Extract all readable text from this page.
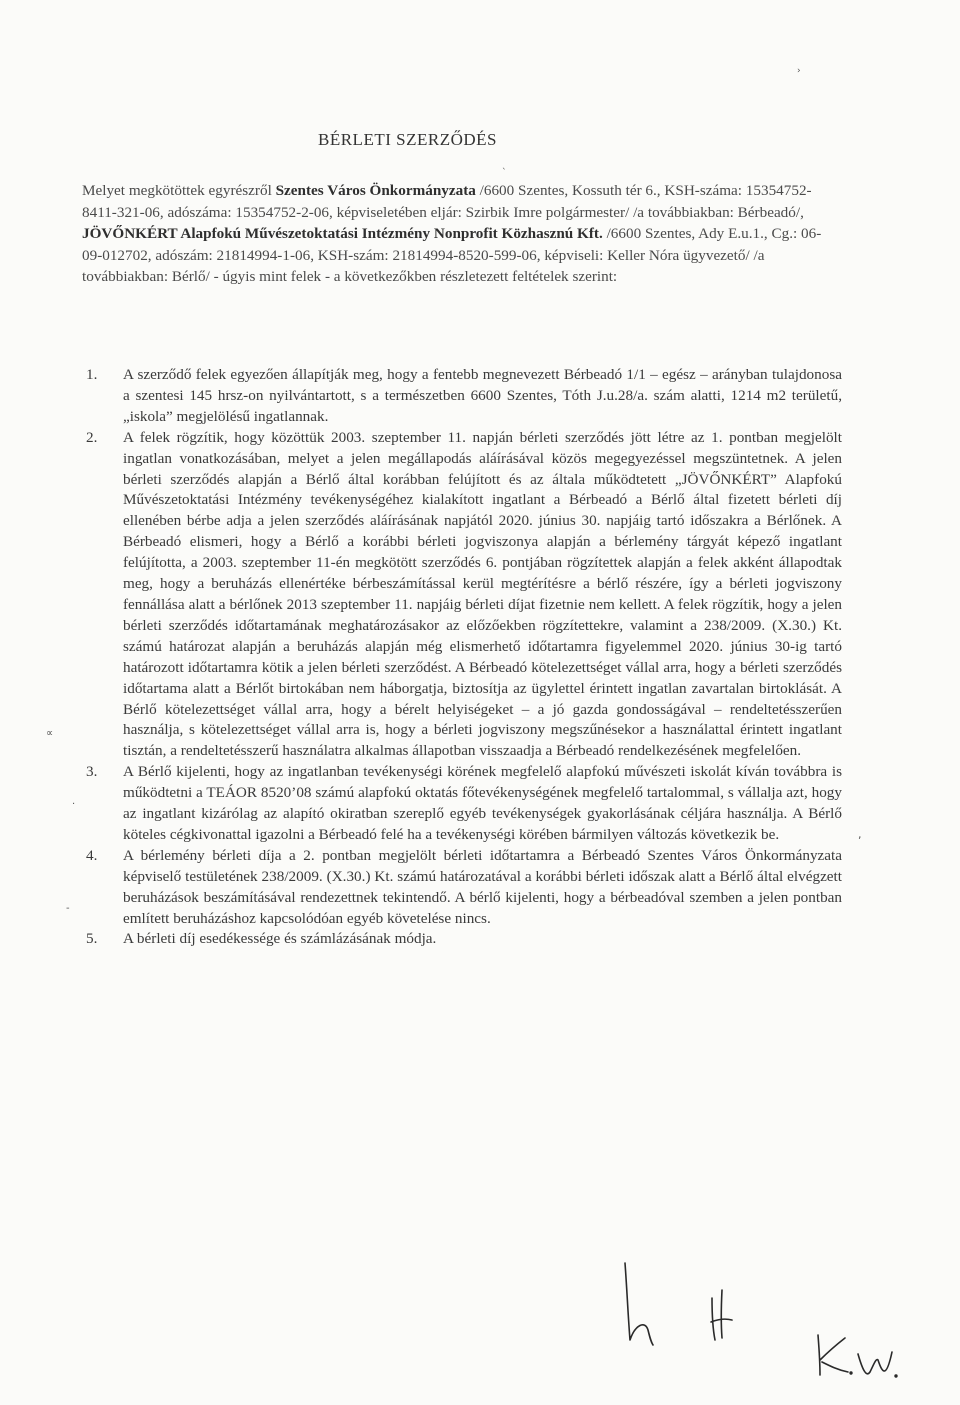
BÉRLETI SZERZŐDÉS
Melyet megkötöttek egyrészről Szentes Város Önkormányzata /6600 Szentes, Kossuth tér 6., KSH-száma: 15354752-8411-321-06, adószáma: 15354752-2-06, képviseletében eljár: Szirbik Imre polgármester/ /a továbbiakban: Bérbeadó/,
JÖVŐNKÉRT Alapfokú Művészetoktatási Intézmény Nonprofit Közhasznú Kft. /6600 Szentes, Ady E.u.1., Cg.: 06-09-012702, adószám: 21814994-1-06, KSH-szám: 21814994-8520-599-06, képviseli: Keller Nóra ügyvezető/ /a továbbiakban: Bérlő/ - úgyis mint felek - a következőkben részletezett feltételek szerint:
1.	A szerződő felek egyezően állapítják meg, hogy a fentebb megnevezett Bérbeadó 1/1 – egész – arányban tulajdonosa a szentesi 145 hrsz-on nyilvántartott, s a természetben 6600 Szentes, Tóth J.u.28/a. szám alatti, 1214 m2 területű, „iskola” megjelölésű ingatlannak.
2.	A felek rögzítik, hogy közöttük 2003. szeptember 11. napján bérleti szerződés jött létre az 1. pontban megjelölt ingatlan vonatkozásában, melyet a jelen megállapodás aláírásával közös megegyezéssel megszüntetnek. A jelen bérleti szerződés alapján a Bérlő által korábban felújított és az általa működtetett „JÖVŐNKÉRT” Alapfokú Művészetoktatási Intézmény tevékenységéhez kialakított ingatlant a Bérbeadó a Bérlő által fizetett bérleti díj ellenében bérbe adja a jelen szerződés aláírásának napjától 2020. június 30. napjáig tartó időszakra a Bérlőnek. A Bérbeadó elismeri, hogy a Bérlő a korábbi bérleti jogviszonya alapján a bérlemény tárgyát képező ingatlant felújította, a 2003. szeptember 11-én megkötött szerződés 6. pontjában rögzítettek alapján a felek akként állapodtak meg, hogy a beruházás ellenértéke bérbeszámítással kerül megtérítésre a bérlő részére, így a bérleti jogviszony fennállása alatt a bérlőnek 2013 szeptember 11. napjáig bérleti díjat fizetnie nem kellett. A felek rögzítik, hogy a jelen bérleti szerződés időtartamának meghatározásakor az előzőekben rögzítettekre, valamint a 238/2009. (X.30.) Kt. számú határozat alapján a beruházás alapján még elismerhető időtartamra figyelemmel 2020. június 30-ig tartó határozott időtartamra kötik a jelen bérleti szerződést. A Bérbeadó kötelezettséget vállal arra, hogy a bérleti szerződés időtartama alatt a Bérlőt birtokában nem háborgatja, biztosítja az ügylettel érintett ingatlan zavartalan birtoklását. A Bérlő kötelezettséget vállal arra, hogy a bérelt helyiségeket – a jó gazda gondosságával – rendeltetésszerűen használja, s kötelezettséget vállal arra is, hogy a bérleti jogviszony megszűnésekor a használattal érintett ingatlant tisztán, a rendeltetésszerű használatra alkalmas állapotban visszaadja a Bérbeadó rendelkezésének megfelelően.
3.	A Bérlő kijelenti, hogy az ingatlanban tevékenységi körének megfelelő alapfokú művészeti iskolát kíván továbbra is működtetni a TEÁOR 8520’08 számú alapfokú oktatás főtevékenységének megfelelő tartalommal, s vállalja azt, hogy az ingatlant kizárólag az alapító okiratban szereplő egyéb tevékenységek gyakorlásának céljára használja. A Bérlő köteles cégkivonattal igazolni a Bérbeadó felé ha a tevékenységi körében bármilyen változás következik be.
4.	A bérlemény bérleti díja a 2. pontban megjelölt bérleti időtartamra a Bérbeadó Szentes Város Önkormányzata képviselő testületének 238/2009. (X.30.) Kt. számú határozatával a korábbi bérleti időszak alatt a Bérlő által elvégzett beruházások beszámításával rendezettnek tekintendő. A bérlő kijelenti, hogy a bérbeadóval szemben a jelen pontban említett beruházáshoz kapcsolódóan egyéb követelése nincs.
5.	A bérleti díj esedékessége és számlázásának módja.
›
ˋ
∝
·
,
-
